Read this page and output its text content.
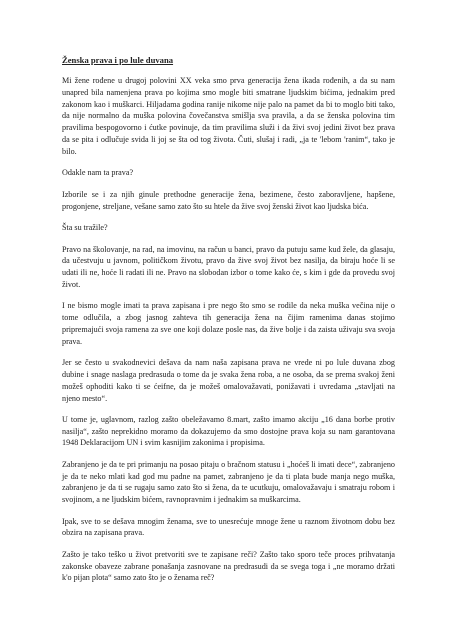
Ženska prava i po lule duvana

Mi žene rođene u drugoj polovini XX veka smo prva generacija žena ikada rođenih, a da su nam unapred bila namenjena prava po kojima smo mogle biti smatrane ljudskim bićima, jednakim pred zakonom kao i muškarci. Hiljadama godina ranije nikome nije palo na pamet da bi to moglo biti tako, da nije normalno da muška polovina čovečanstva smišlja sva pravila, a da se ženska polovina tim pravilima bespogovorno i ćutke povinuje, da tim pravilima služi i da živi svoj jedini život bez prava da se pita i odlučuje svida li joj se šta od tog života. Čuti, slušaj i radi, „ja te 'lebom 'ranim“, tako je bilo.

Odakle nam ta prava?

Izborile se i za njih ginule prethodne generacije žena, bezimene, često zaboravljene, hapšene, progonjene, streljane, vešane samo zato što su htele da žive svoj ženski život kao ljudska bića.

Šta su tražile?

Pravo na školovanje, na rad, na imovinu, na račun u banci, pravo da putuju same kud žele, da glasaju, da učestvuju u javnom, političkom životu, pravo da žive svoj život bez nasilja, da biraju hoće li se udati ili ne, hoće li radati ili ne. Pravo na slobodan izbor o tome kako će, s kim i gde da provedu svoj život.

I ne bismo mogle imati ta prava zapisana i pre nego što smo se rodile da neka muška večina nije o tome odlučila, a zbog jasnog zahteva tih generacija žena na čijim ramenima danas stojimo pripremajući svoja ramena za sve one koji dolaze posle nas, da žive bolje i da zaista uživaju sva svoja prava.

Jer se često u svakodnevici dešava da nam naša zapisana prava ne vrede ni po lule duvana zbog dubine i snage naslaga predrasuda o tome da je svaka žena roba, a ne osoba, da se prema svakoj ženi možeš ophoditi kako ti se ćeifne, da je možeš omalovažavati, ponižavati i uvredama „stavljati na njeno mesto“.

U tome je, uglavnom, razlog zašto obeležavamo 8.mart, zašto imamo akciju „16 dana borbe protiv nasilja“, zašto neprekidno moramo da dokazujemo da smo dostojne prava koja su nam garantovana 1948 Deklaracijom UN i svim kasnijim zakonima i propisima.

Zabranjeno je da te pri primanju na posao pitaju o bračnom statusu i „hoćeš li imati dece“, zabranjeno je da te neko mlati kad god mu padne na pamet, zabranjeno je da ti plata bude manja nego muška, zabranjeno je da ti se rugaju samo zato što si žena, da te ucutkuju, omalovažavaju i smatraju robom i svojinom, a ne ljudskim bićem, ravnopravnim i jednakim sa muškarcima.

Ipak, sve to se dešava mnogim ženama, sve to unesrećuje mnoge žene u raznom životnom dobu bez obzira na zapisana prava.

Zašto je tako teško u život pretvoriti sve te zapisane reči? Zašto tako sporo teče proces prihvatanja zakonske obaveze zabrane ponašanja zasnovane na predrasudi da se svega toga i „ne moramo držati k'o pijan plota“ samo zato što je o ženama reč?
